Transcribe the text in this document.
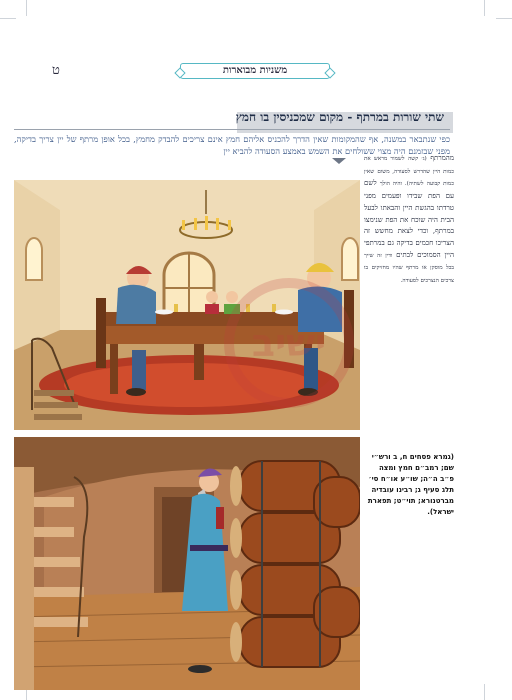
ט	משניות מבוארות
שתי שורות במרתף - מקום שמכניסין בו חמץ
כפי שנתבאר במשנה, אף שהמקומות שאין הדרך להכניס אליהם חמץ אינם צריכים להבדק מחמץ, בכל אופן מרתף של יין צריך בדיקה, מפני שבזמנם היה מצוי ששולחים את השמש באמצע הסעודה להביא יין
ישיב
מהמרתף (ג׳ קשה לשמור מראש את כמות היין שהדרש לסעודה, משום שאין כמות קבועה לשתיה). והיה הולך לשם עם הפת שבידו ופעמים מפני טרדתו בהגשת היין והבאתו לבעל הבית היה שוכח את הפת שנימצו במרתף, וכדי לצאת מחשש זה הצריכו חכמים בדיקה גם במרתפי היין הסמוכים לבתים ודין זה שייך בכל מוסקן או מרתף שהיו מחזיקים בו צרכים הנצרכים לסעודה.
(גמרא פסחים ח, ב ורש״י שם; רמב״ם חמץ ומצה פ״ב ה״ה; שו״ע או״ח סי׳ תלג סעיף ג; רבינו עובדיה מברטנורא; תוי״ט; תפארת ישראל).
